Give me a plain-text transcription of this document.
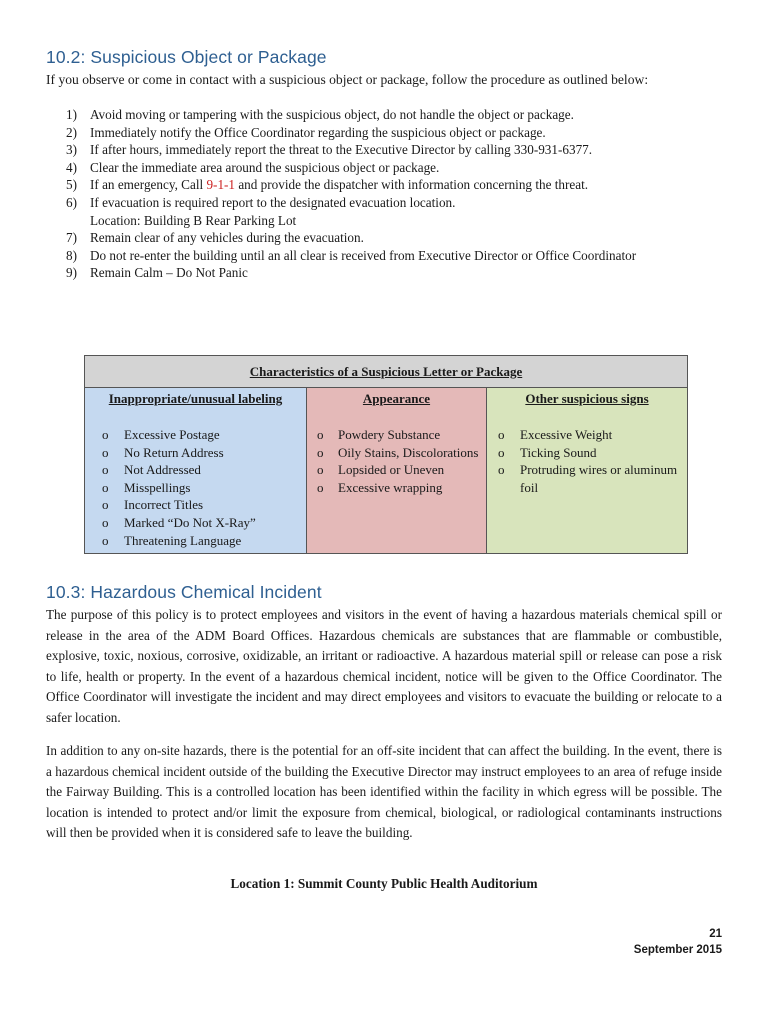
10.2: Suspicious Object or Package
If you observe or come in contact with a suspicious object or package, follow the procedure as outlined below:
1) Avoid moving or tampering with the suspicious object, do not handle the object or package.
2) Immediately notify the Office Coordinator regarding the suspicious object or package.
3) If after hours, immediately report the threat to the Executive Director by calling 330-931-6377.
4) Clear the immediate area around the suspicious object or package.
5) If an emergency, Call 9-1-1 and provide the dispatcher with information concerning the threat.
6) If evacuation is required report to the designated evacuation location.
Location: Building B Rear Parking Lot
7) Remain clear of any vehicles during the evacuation.
8) Do not re-enter the building until an all clear is received from Executive Director or Office Coordinator
9) Remain Calm – Do Not Panic
Characteristics of a Suspicious Letter or Package
Inappropriate/unusual labeling
o Excessive Postage
o No Return Address
o Not Addressed
o Misspellings
o Incorrect Titles
o Marked “Do Not X-Ray”
o Threatening Language
Appearance
o Powdery Substance
o Oily Stains, Discolorations
o Lopsided or Uneven
o Excessive wrapping
Other suspicious signs
o Excessive Weight
o Ticking Sound
o Protruding wires or aluminum foil
10.3: Hazardous Chemical Incident

The purpose of this policy is to protect employees and visitors in the event of having a hazardous materials chemical spill or release in the area of the ADM Board Offices. Hazardous chemicals are substances that are flammable or combustible, explosive, toxic, noxious, corrosive, oxidizable, an irritant or radioactive. A hazardous material spill or release can pose a risk to life, health or property. In the event of a hazardous chemical incident, notice will be given to the Office Coordinator. The Office Coordinator will investigate the incident and may direct employees and visitors to evacuate the building or relocate to a safer location.

In addition to any on-site hazards, there is the potential for an off-site incident that can affect the building. In the event, there is a hazardous chemical incident outside of the building the Executive Director may instruct employees to an area of refuge inside the Fairway Building. This is a controlled location has been identified within the facility in which egress will be possible. The location is intended to protect and/or limit the exposure from chemical, biological, or radiological contaminants instructions will then be provided when it is considered safe to leave the building.

Location 1: Summit County Public Health Auditorium
21
September 2015
